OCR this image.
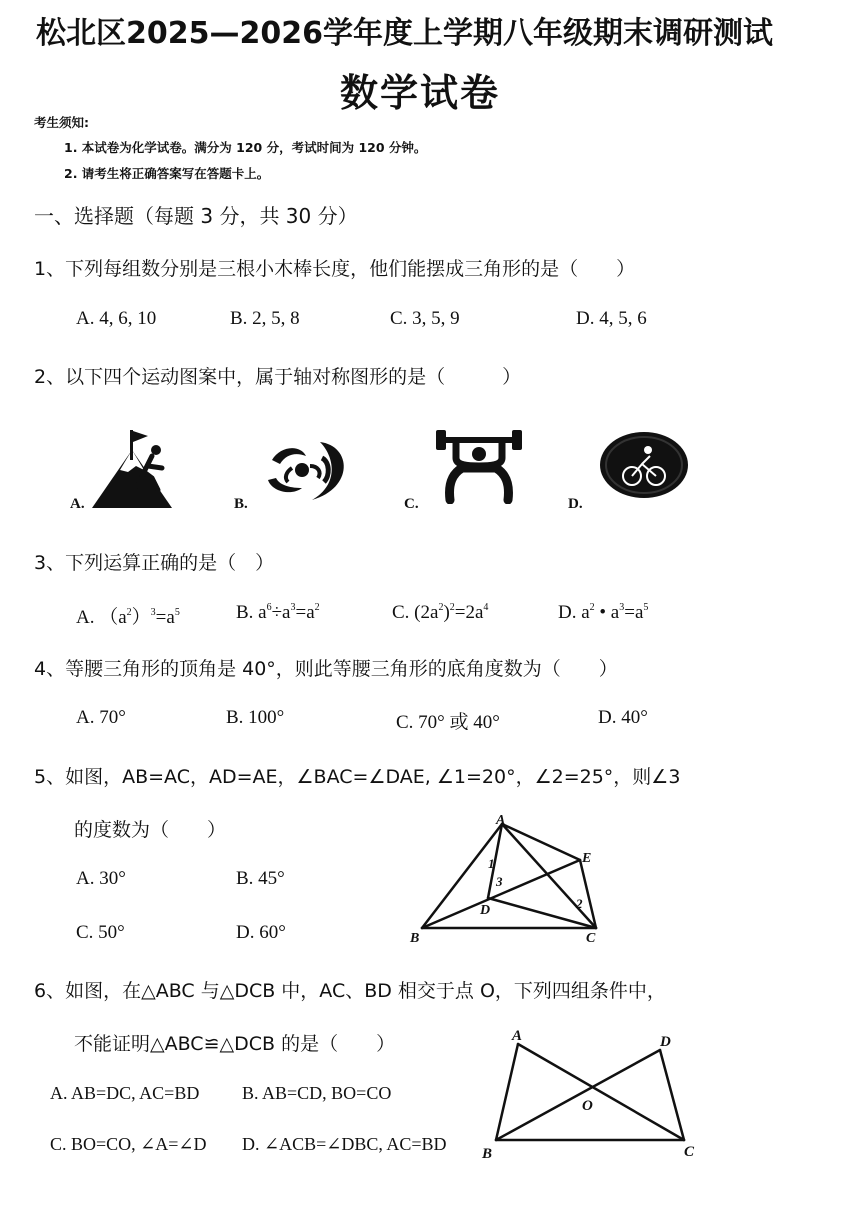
松北区2025—2026学年度上学期八年级期末调研测试
数学试卷
考生须知:
1. 本试卷为化学试卷。满分为 120 分，考试时间为 120 分钟。
2. 请考生将正确答案写在答题卡上。
一、选择题（每题 3 分，共 30 分）
1、下列每组数分别是三根小木棒长度，他们能摆成三角形的是（　　）
A. 4, 6, 10	B. 2, 5, 8	C. 3, 5, 9	D. 4, 5, 6
2、以下四个运动图案中，属于轴对称图形的是（　　　）
A.	B.	C.	D.
3、下列运算正确的是（　）
A. $(a^2)^3=a^5$	B. $a^6\div a^3=a^2$	C. $(2a^2)^2=2a^4$	D. $a^2$ • $a^3=a^5$
4、等腰三角形的顶角是 40°，则此等腰三角形的底角度数为（　　）
A. 70°	B. 100°	C. 70° 或 40°	D. 40°
5、如图，AB=AC，AD=AE，∠BAC=∠DAE, ∠1=20°，∠2=25°，则∠3
的度数为（　　）
A. 30°	B. 45°
C. 50°	D. 60°
A
E
D
B	C
1
2
3
6、如图，在△ABC 与△DCB 中，AC、BD 相交于点 O，下列四组条件中，
不能证明△ABC≌△DCB 的是（　　）
A. AB=DC, AC=BD B. AB=CD, BO=CO
C. BO=CO, ∠A=∠D D. ∠ACB=∠DBC, AC=BD
A	D
O
B	C
